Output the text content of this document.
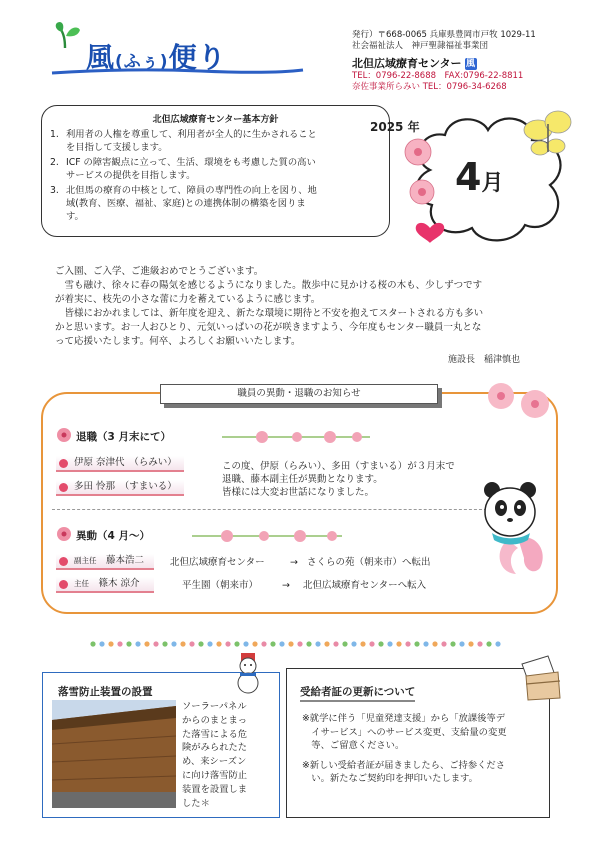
風(ふぅ)便り
発行）〒668-0065 兵庫県豊岡市戸牧 1029-11
社会福祉法人　神戸聖隷福祉事業団
北但広域療育センター 風
TEL：0796-22-8688　FAX:0796-22-8811
奈佐事業所らみい TEL：0796-34-6268
北但広域療育センター基本方針
1. 利用者の人権を尊重して、利用者が全人的に生かされること
を目指して支援します。
2. ICF の障害観点に立って、生活、環境をも考慮した質の高い
サービスの提供を目指します。
3. 北但馬の療育の中核として、障員の専門性の向上を図り、地
域(教育、医療、福祉、家庭)との連携体制の構築を図りま
す。
2025 年
4月

ご入園、ご入学、ご進級おめでとうございます。

　雪も融け、徐々に春の陽気を感じるようになりました。散歩中に見かける桜の木も、少しずつです

が着実に、枝先の小さな蕾に力を蓄えているように感じます。

　皆様におかれましては、新年度を迎え、新たな環境に期待と不安を抱えてスタートされる方も多い

かと思います。お一人おひとり、元気いっぱいの花が咲きますよう、今年度もセンター職員一丸とな

って応援いたします。何卒、よろしくお願いいたします。

施設長　稲津慎也
職員の異動・退職のお知らせ
退職（3 月末にて）
伊原 奈津代　 （らみい）
多田 怜那　 （すまいる）
この度、伊原（らみい）、多田（すまいる）が３月末で
退職、藤本副主任が異動となります。
皆様には大変お世話になりました。
異動（4 月～）
副主任　 藤本浩二	北但広域療育センター	→ さくらの苑（朝来市）へ転出
主任　 篠木 涼介	平生園（朝来市）	→ 北但広域療育センターへ転入
落雪防止装置の設置
ソーラーパネル
からのまとまっ
た落雪による危
険がみられたた
め、来シーズン
に向け落雪防止
装置を設置しま
した＊
受給者証の更新について

※就学に伴う「児童発達支援」から「放課後等デ
　イサービス」へのサービス変更、支給量の変更
　等、ご留意ください。

※新しい受給者証が届きましたら、ご持参くださ
　い。新たなご契約印を押印いたします。
